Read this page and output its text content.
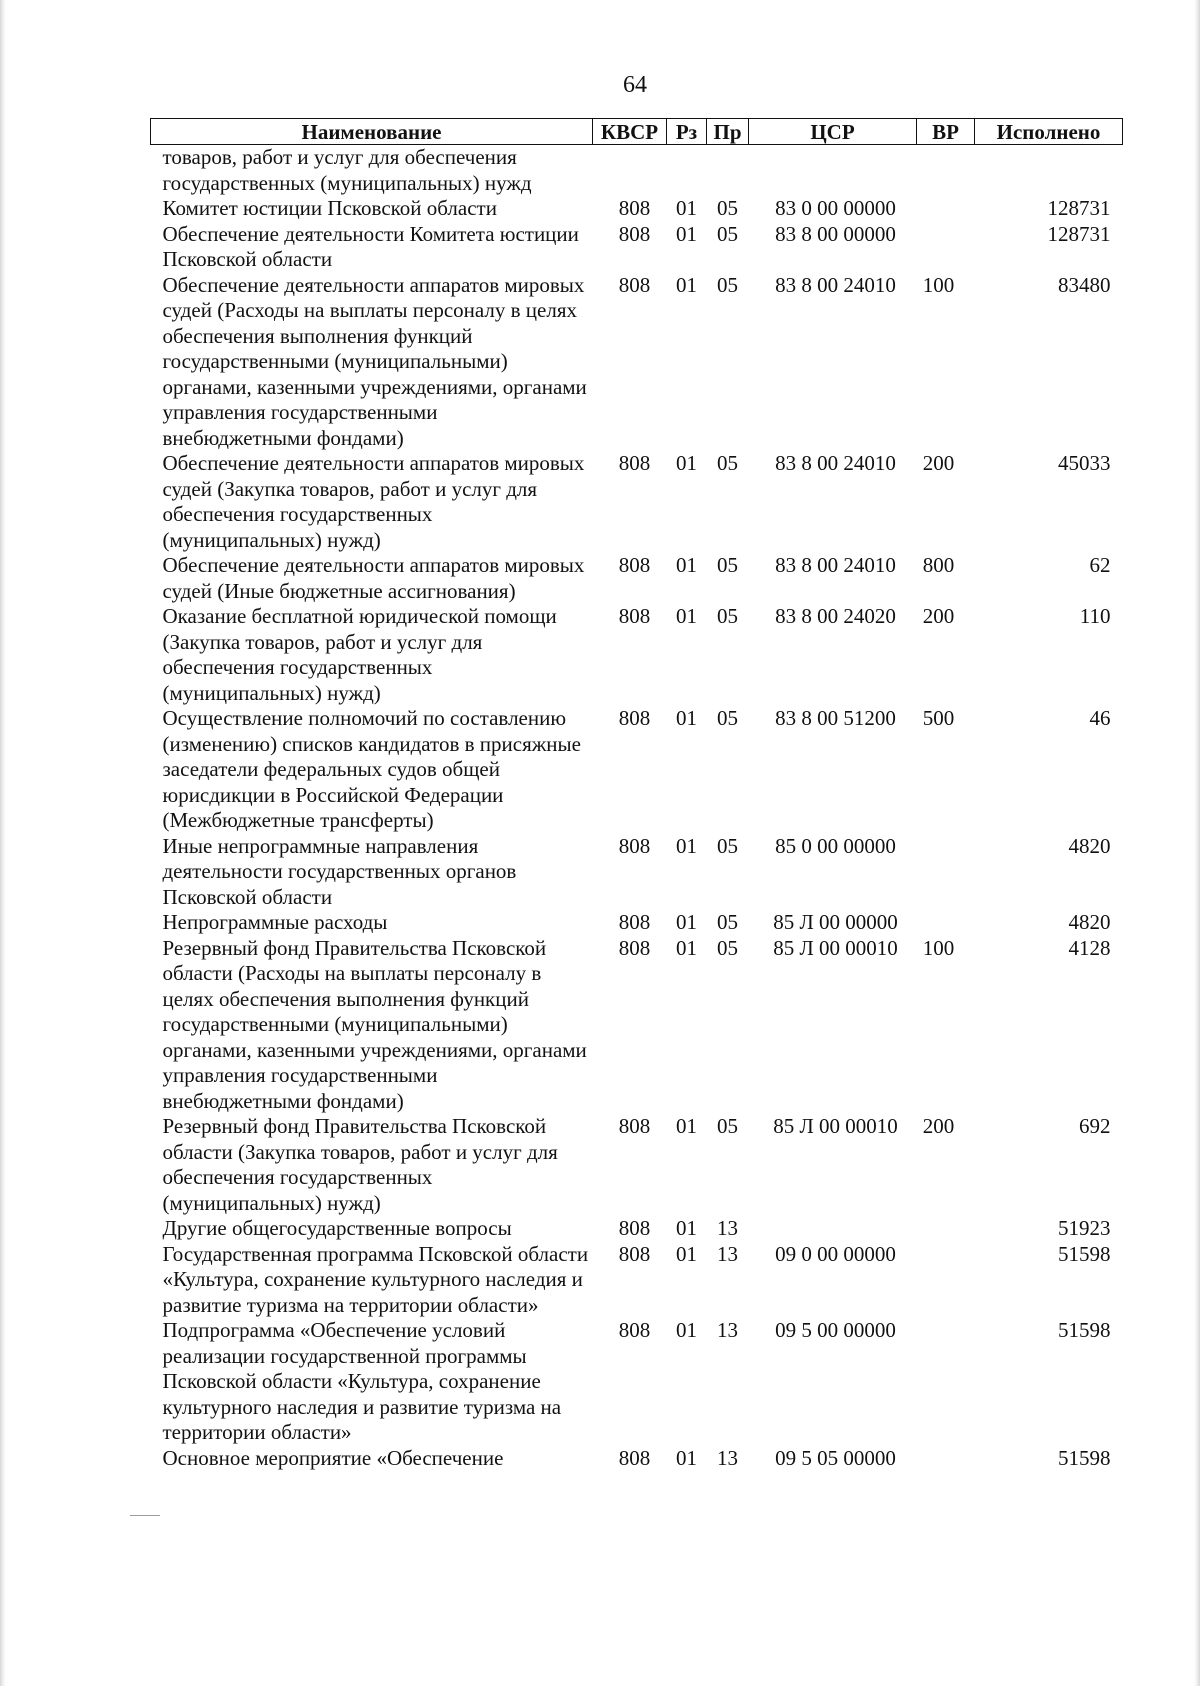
64
Наименование	КВСР	Рз	Пр	ЦСР	ВР	Исполнено
товаров, работ и услуг для обеспечения государственных (муниципальных) нужд						
Комитет юстиции Псковской области	808	01	05	83 0 00 00000		128731
Обеспечение деятельности Комитета юстиции Псковской области	808	01	05	83 8 00 00000		128731
Обеспечение деятельности аппаратов мировых судей (Расходы на выплаты персоналу в целях обеспечения выполнения функций государственными (муниципальными) органами, казенными учреждениями, органами управления государственными внебюджетными фондами)	808	01	05	83 8 00 24010	100	83480
Обеспечение деятельности аппаратов мировых судей (Закупка товаров, работ и услуг для обеспечения государственных (муниципальных) нужд)	808	01	05	83 8 00 24010	200	45033
Обеспечение деятельности аппаратов мировых судей (Иные бюджетные ассигнования)	808	01	05	83 8 00 24010	800	62
Оказание бесплатной юридической помощи (Закупка товаров, работ и услуг для обеспечения государственных (муниципальных) нужд)	808	01	05	83 8 00 24020	200	110
Осуществление полномочий по составлению (изменению) списков кандидатов в присяжные заседатели федеральных судов общей юрисдикции в Российской Федерации (Межбюджетные трансферты)	808	01	05	83 8 00 51200	500	46
Иные непрограммные направления деятельности государственных органов Псковской области	808	01	05	85 0 00 00000		4820
Непрограммные расходы	808	01	05	85 Л 00 00000		4820
Резервный фонд Правительства Псковской области (Расходы на выплаты персоналу в целях обеспечения выполнения функций государственными (муниципальными) органами, казенными учреждениями, органами управления государственными внебюджетными фондами)	808	01	05	85 Л 00 00010	100	4128
Резервный фонд Правительства Псковской области (Закупка товаров, работ и услуг для обеспечения государственных (муниципальных) нужд)	808	01	05	85 Л 00 00010	200	692
Другие общегосударственные вопросы	808	01	13			51923
Государственная программа Псковской области «Культура, сохранение культурного наследия и развитие туризма на территории области»	808	01	13	09 0 00 00000		51598
Подпрограмма «Обеспечение условий реализации государственной программы Псковской области «Культура, сохранение культурного наследия и развитие туризма на территории области»	808	01	13	09 5 00 00000		51598
Основное мероприятие «Обеспечение	808	01	13	09 5 05 00000		51598
